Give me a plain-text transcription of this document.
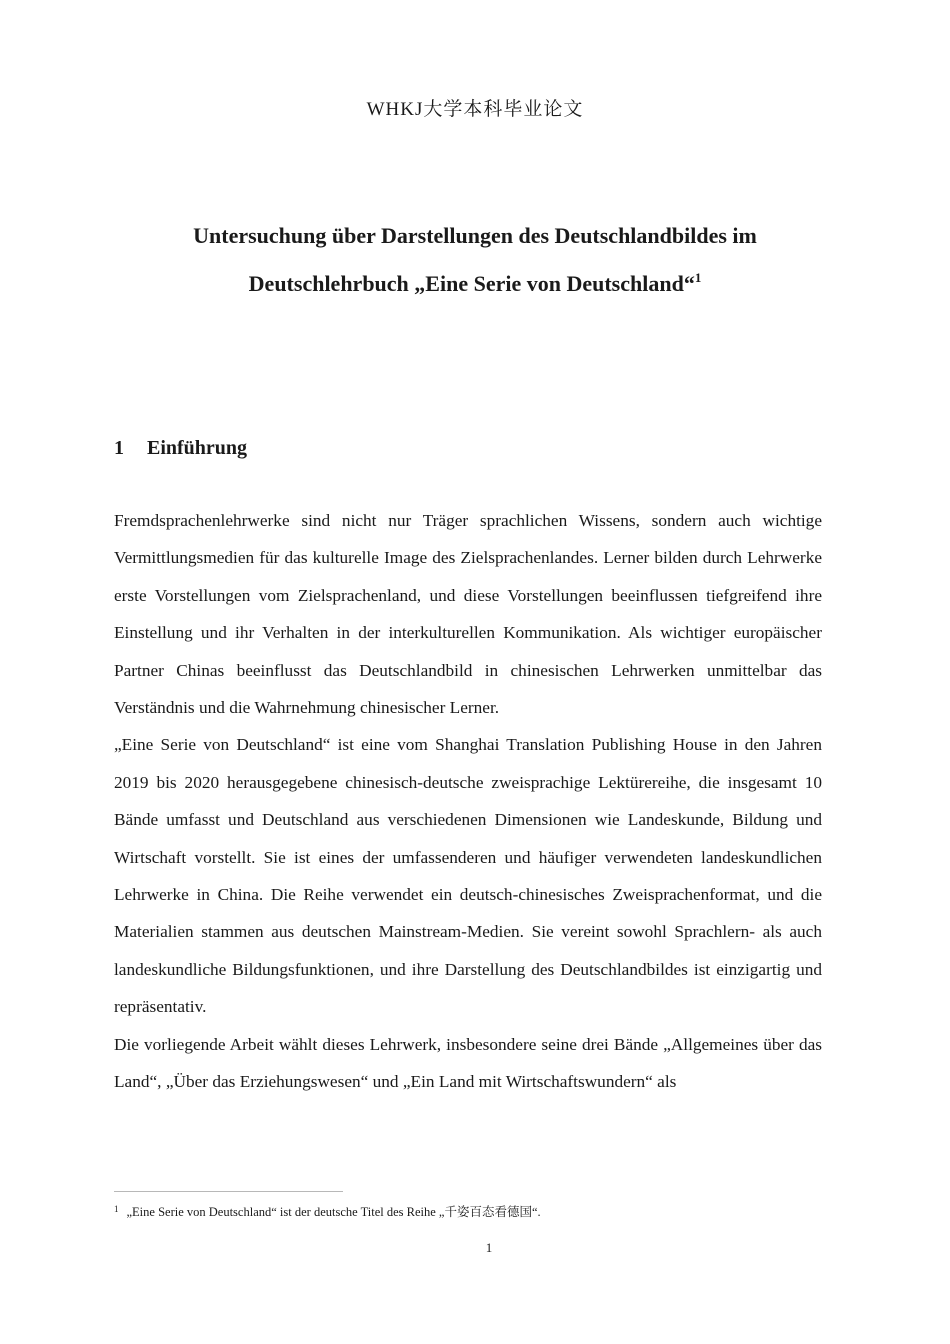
WHKJ大学本科毕业论文
Untersuchung über Darstellungen des Deutschlandbildes im
Deutschlehrbuch „Eine Serie von Deutschland“$^1$
1 Einführung

Fremdsprachenlehrwerke sind nicht nur Träger sprachlichen Wissens, sondern auch wichtige Vermittlungsmedien für das kulturelle Image des Zielsprachenlandes. Lerner bilden durch Lehrwerke erste Vorstellungen vom Zielsprachenland, und diese Vorstellungen beeinflussen tiefgreifend ihre Einstellung und ihr Verhalten in der interkulturellen Kommunikation. Als wichtiger europäischer Partner Chinas beeinflusst das Deutschlandbild in chinesischen Lehrwerken unmittelbar das Verständnis und die Wahrnehmung chinesischer Lerner.

„Eine Serie von Deutschland“ ist eine vom Shanghai Translation Publishing House in den Jahren 2019 bis 2020 herausgegebene chinesisch-deutsche zweisprachige Lektürereihe, die insgesamt 10 Bände umfasst und Deutschland aus verschiedenen Dimensionen wie Landeskunde, Bildung und Wirtschaft vorstellt. Sie ist eines der umfassenderen und häufiger verwendeten landeskundlichen Lehrwerke in China. Die Reihe verwendet ein deutsch-chinesisches Zweisprachenformat, und die Materialien stammen aus deutschen Mainstream-Medien. Sie vereint sowohl Sprachlern- als auch landeskundliche Bildungsfunktionen, und ihre Darstellung des Deutschlandbildes ist einzigartig und repräsentativ.

Die vorliegende Arbeit wählt dieses Lehrwerk, insbesondere seine drei Bände „Allgemeines über das Land“, „Über das Erziehungswesen“ und „Ein Land mit Wirtschaftswundern“ als

$^1$ „Eine Serie von Deutschland“ ist der deutsche Titel des Reihe „千姿百态看德国“.
1
